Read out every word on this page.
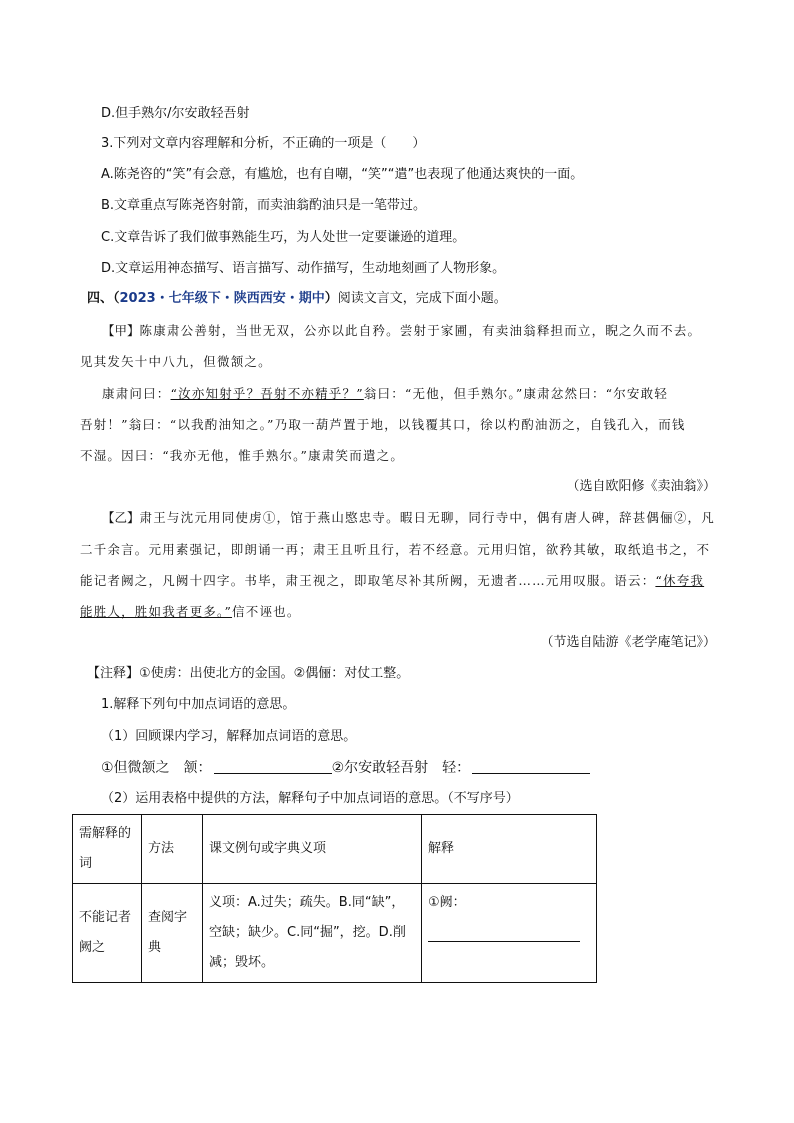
D.但手熟尔/尔安敢轻吾射
3.下列对文章内容理解和分析，不正确的一项是（　　）
A.陈尧咨的“笑”有会意，有尴尬，也有自嘲，“笑”“遣”也表现了他通达爽快的一面。
B.文章重点写陈尧咨射箭，而卖油翁酌油只是一笔带过。
C.文章告诉了我们做事熟能生巧，为人处世一定要谦逊的道理。
D.文章运用神态描写、语言描写、动作描写，生动地刻画了人物形象。
四、（2023・七年级下・陕西西安・期中）阅读文言文，完成下面小题。
【甲】陈康肃公善射，当世无双，公亦以此自矜。尝射于家圃，有卖油翁释担而立，睨之久而不去。
见其发矢十中八九，但微颔之。
康肃问曰：“汝亦知射乎？吾射不亦精乎？”翁曰：“无他，但手熟尔。”康肃忿然曰：“尔安敢轻
吾射！”翁曰：“以我酌油知之。”乃取一葫芦置于地，以钱覆其口，徐以杓酌油沥之，自钱孔入，而钱
不湿。因曰：“我亦无他，惟手熟尔。”康肃笑而遣之。
（选自欧阳修《卖油翁》）
【乙】肃王与沈元用同使虏①，馆于燕山愍忠寺。暇日无聊，同行寺中，偶有唐人碑，辞甚偶俪②，凡
二千余言。元用素强记，即朗诵一再；肃王且听且行，若不经意。元用归馆，欲矜其敏，取纸追书之，不
能记者阙之，凡阙十四字。书毕，肃王视之，即取笔尽补其所阙，无遗者……元用叹服。语云：“休夸我
能胜人，胜如我者更多。”信不诬也。
（节选自陆游《老学庵笔记》）
【注释】①使虏：出使北方的金国。②偶俪：对仗工整。
1.解释下列句中加点词语的意思。
（1）回顾课内学习，解释加点词语的意思。
①但微颔之　颔：	②尔安敢轻吾射　轻：
（2）运用表格中提供的方法，解释句子中加点词语的意思。（不写序号）
需解释的词	方法	课文例句或字典义项	解释
不能记者阙之	查阅字典	义项：A.过失；疏失。B.同“缺”，空缺；缺少。C.同“掘”，挖。D.削减；毁坏。	①阙：
